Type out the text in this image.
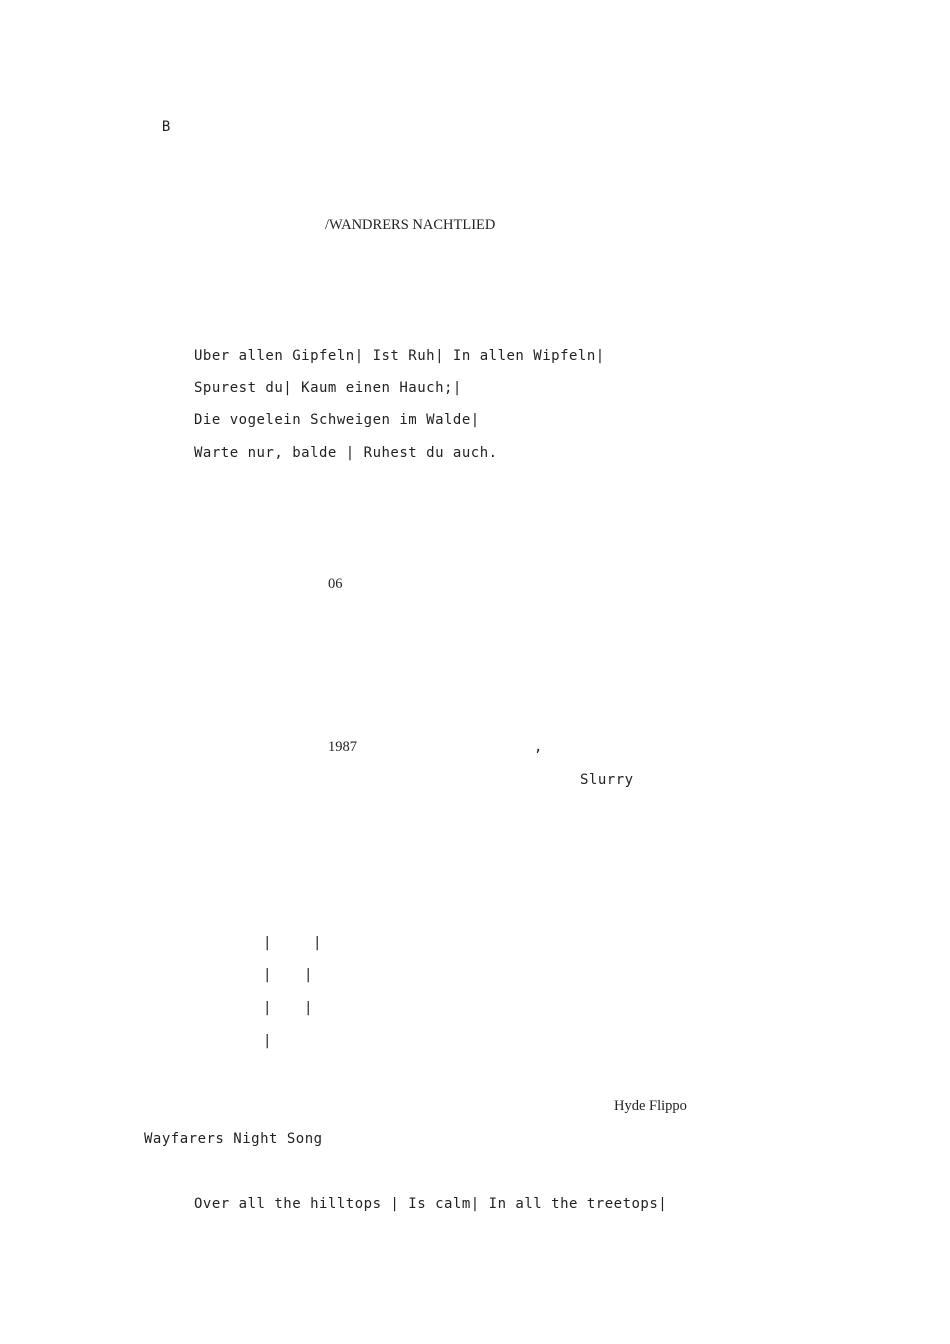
B
/WANDRERS NACHTLIED
Uber allen Gipfeln| Ist Ruh| In allen Wipfeln|
Spurest du| Kaum einen Hauch;|
Die vogelein Schweigen im Walde|
Warte nur, balde | Ruhest du auch.
06
1987	,
Slurry
|	|
| |
| |
|
Hyde Flippo
Wayfarers Night Song
Over all the hilltops | Is calm| In all the treetops|
